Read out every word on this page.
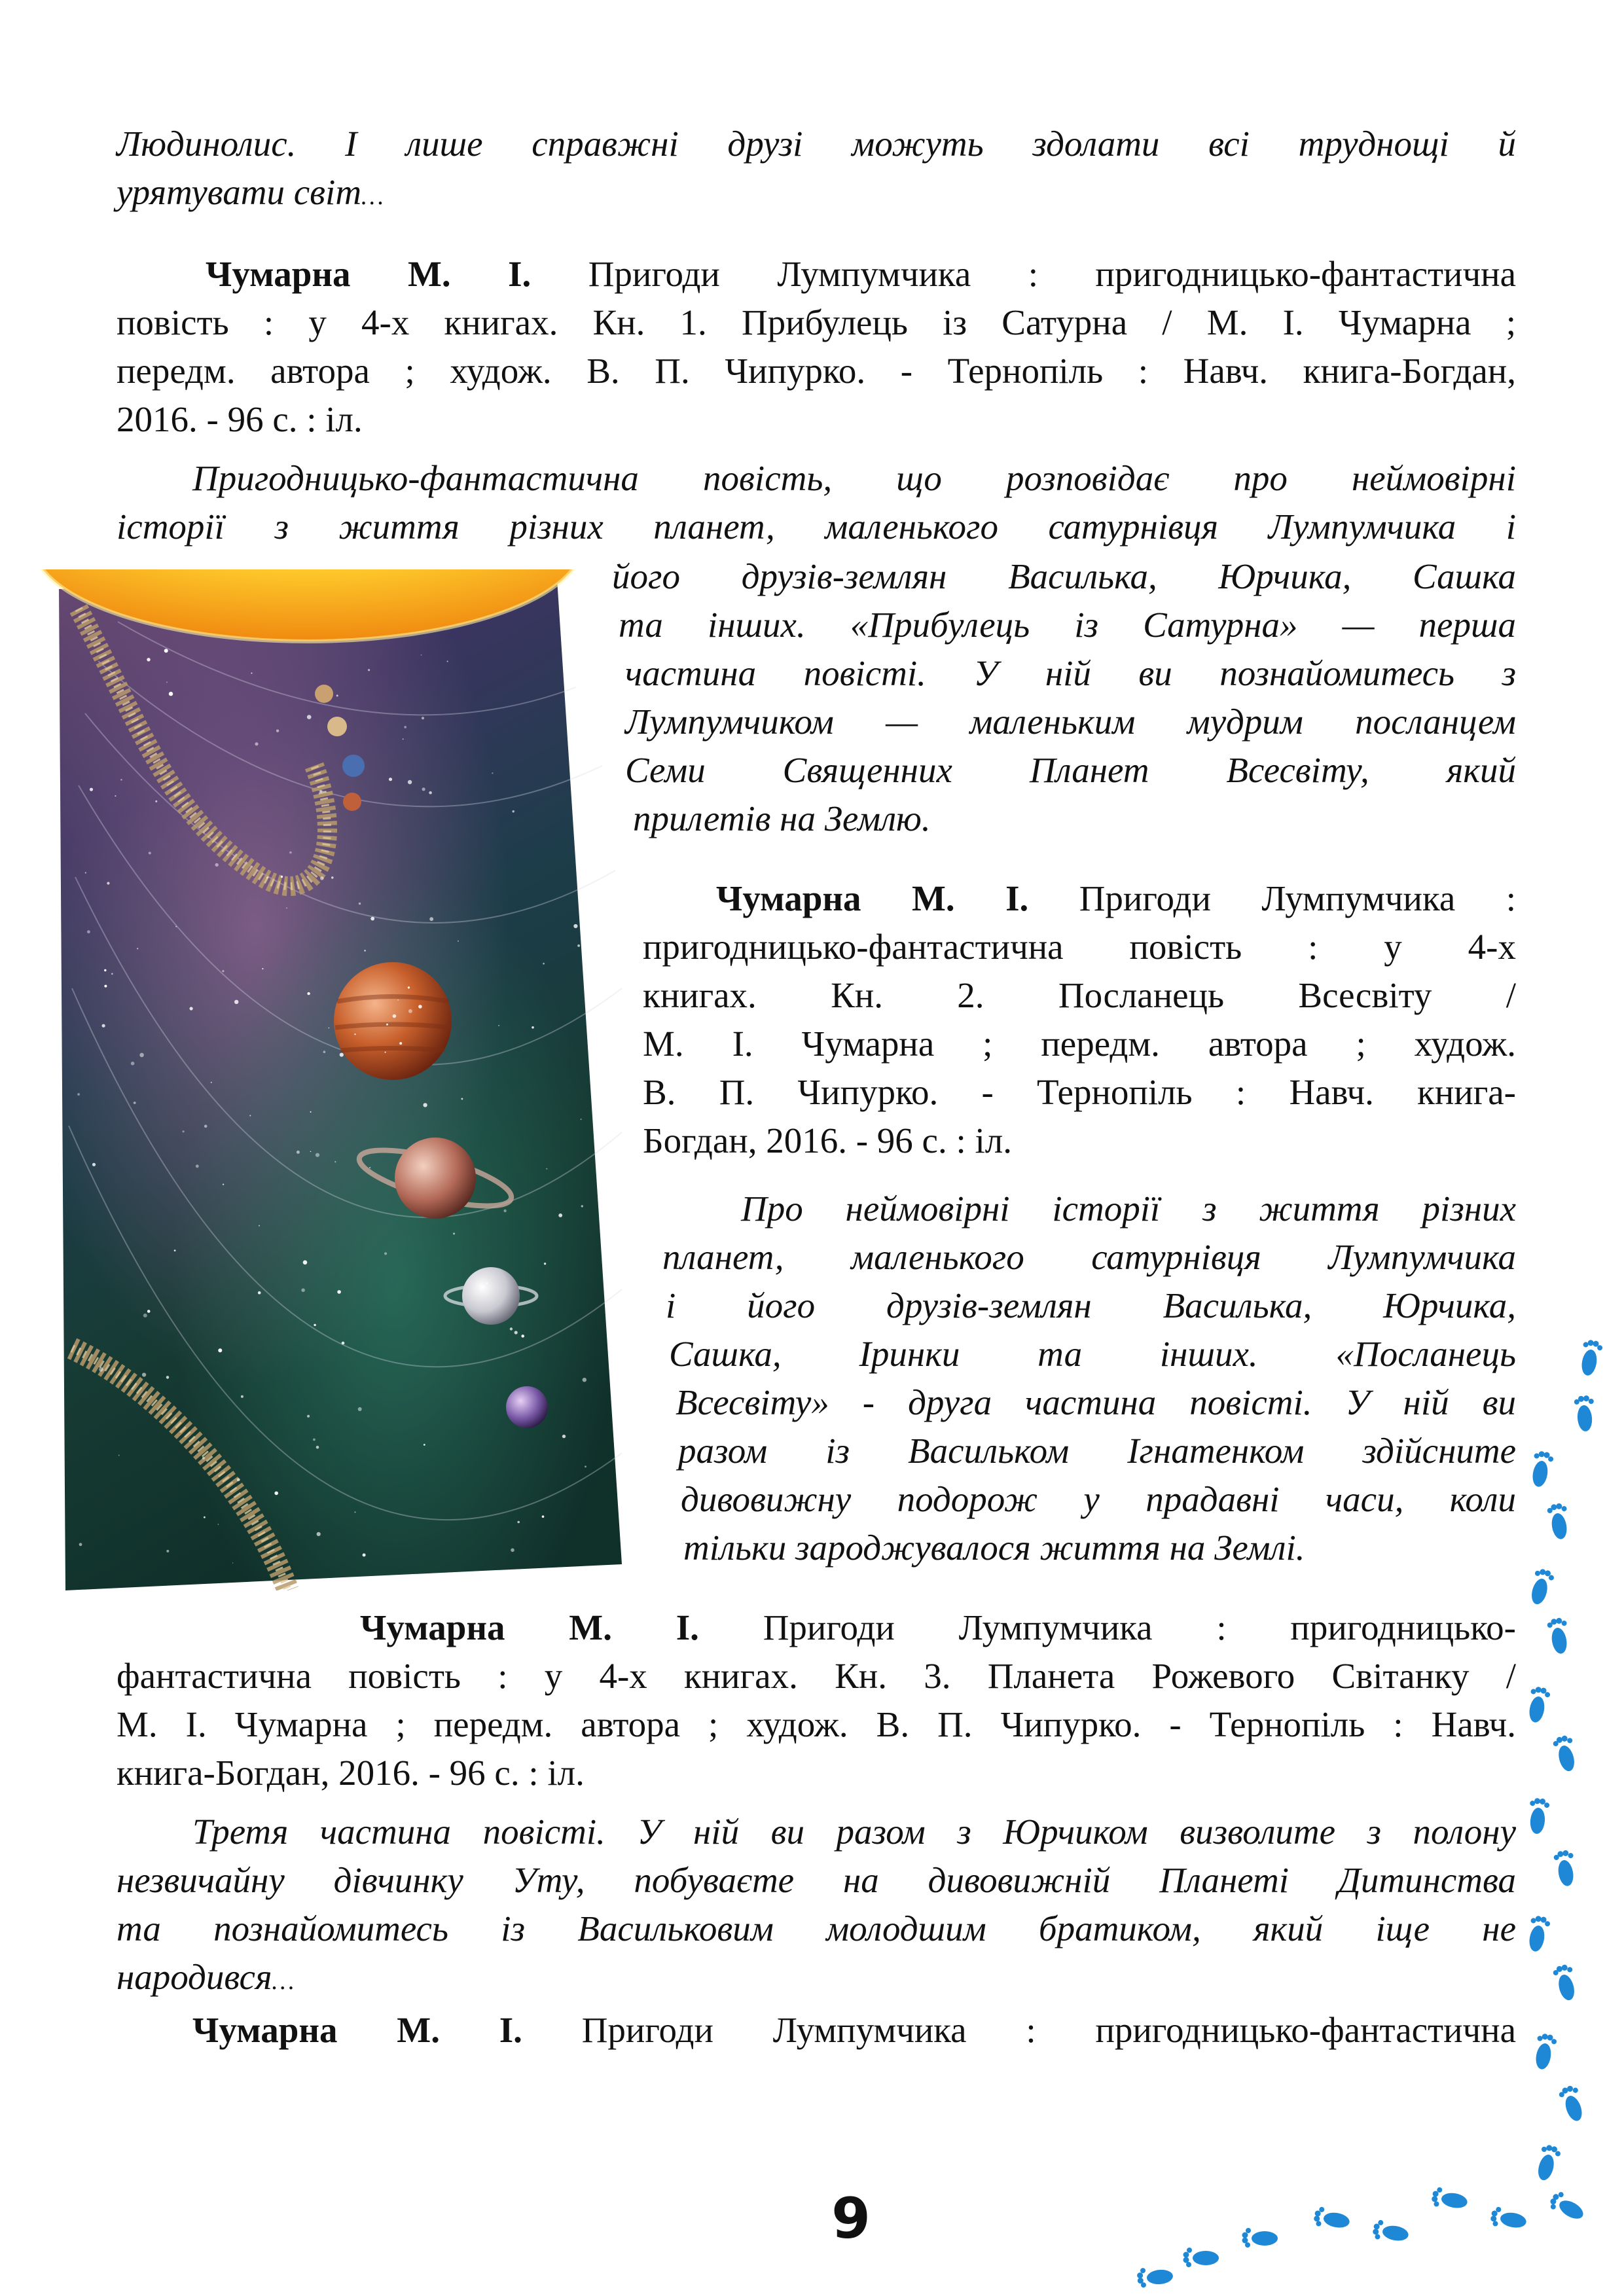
Людинолис. І лише справжні друзі можуть здолати всі труднощі й
урятувати світ…
Чумарна М. І. Пригоди Лумпумчика : пригодницько-фантастична
повість : у 4-х книгах. Кн. 1. Прибулець із Сатурна / М. І. Чумарна ;
передм. автора ; худож. В. П. Чипурко. - Тернопіль : Навч. книга-Богдан,
2016. - 96 с. : іл.
Пригодницько-фантастична повість, що розповідає про неймовірні
історії з життя різних планет, маленького сатурнівця Лумпумчика і
його друзів-землян Василька, Юрчика, Сашка
та інших. «Прибулець із Сатурна» — перша
частина повісті. У ній ви познайомитесь з
Лумпумчиком — маленьким мудрим посланцем
Семи Священних Планет Всесвіту, який
прилетів на Землю.
Чумарна М. І. Пригоди Лумпумчика :
пригодницько-фантастична повість : у 4-х
книгах. Кн. 2. Посланець Всесвіту /
М. І. Чумарна ; передм. автора ; худож.
В. П. Чипурко. - Тернопіль : Навч. книга-
Богдан, 2016. - 96 с. : іл.
Про неймовірні історії з життя різних
планет, маленького сатурнівця Лумпумчика
і його друзів-землян Василька, Юрчика,
Сашка, Іринки та інших. «Посланець
Всесвіту» - друга частина повісті. У ній ви
разом із Васильком Ігнатенком здійсните
дивовижну подорож у прадавні часи, коли
тільки зароджувалося життя на Землі.
Чумарна М. І. Пригоди Лумпумчика : пригодницько-
фантастична повість : у 4-х книгах. Кн. 3. Планета Рожевого Світанку /
М. І. Чумарна ; передм. автора ; худож. В. П. Чипурко. - Тернопіль : Навч.
книга-Богдан, 2016. - 96 с. : іл.
Третя частина повісті. У ній ви разом з Юрчиком визволите з полону
незвичайну дівчинку Уту, побуваєте на дивовижній Планеті Дитинства
та познайомитесь із Васильковим молодшим братиком, який іще не
народився…
Чумарна М. І. Пригоди Лумпумчика : пригодницько-фантастична
9
